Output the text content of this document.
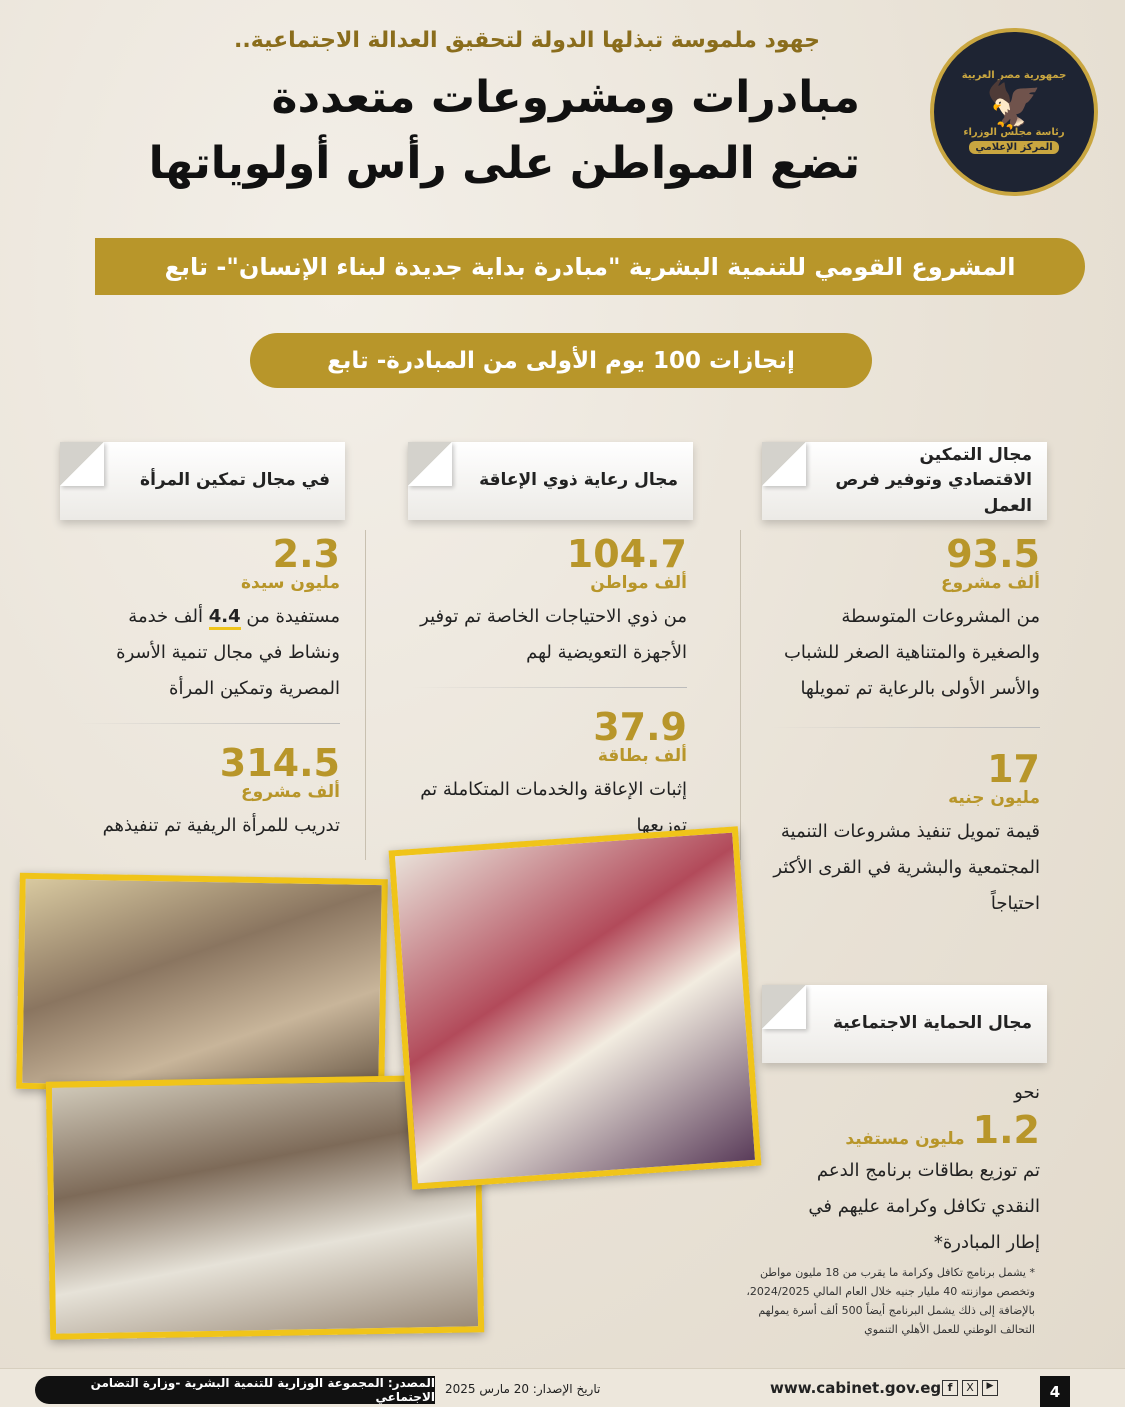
جمهورية مصر العربية
🦅
رئاسة مجلس الوزراء
المركز الإعلامي
جهود ملموسة تبذلها الدولة لتحقيق العدالة الاجتماعية..
مبادرات ومشروعات متعددة
تضع المواطن على رأس أولوياتها
المشروع القومي للتنمية البشرية "مبادرة بداية جديدة لبناء الإنسان"- تابع
إنجازات 100 يوم الأولى من المبادرة- تابع
مجال التمكين الاقتصادي وتوفير فرص العمل
93.5
ألف مشروع
من المشروعات المتوسطة والصغيرة والمتناهية الصغر للشباب والأسر الأولى بالرعاية تم تمويلها
17
مليون جنيه
قيمة تمويل تنفيذ مشروعات التنمية المجتمعية والبشرية في القرى الأكثر احتياجاً
مجال رعاية ذوي الإعاقة
104.7
ألف مواطن
من ذوي الاحتياجات الخاصة تم توفير الأجهزة التعويضية لهم
37.9
ألف بطاقة
إثبات الإعاقة والخدمات المتكاملة تم توزيعها
في مجال تمكين المرأة
2.3
مليون سيدة
مستفيدة من 4.4 ألف خدمة ونشاط في مجال تنمية الأسرة المصرية وتمكين المرأة
314.5
ألف مشروع
تدريب للمرأة الريفية تم تنفيذهم
مجال الحماية الاجتماعية
نحو
1.2
مليون مستفيد
تم توزيع بطاقات برنامج الدعم النقدي تكافل وكرامة عليهم في إطار المبادرة*
* يشمل برنامج تكافل وكرامة ما يقرب من 18 مليون مواطن وتخصص موازنته 40 مليار جنيه خلال العام المالي 2024/2025، بالإضافة إلى ذلك يشمل البرنامج أيضاً 500 ألف أسرة يمولهم التحالف الوطني للعمل الأهلي التنموي
4
f	X	▶
www.cabinet.gov.eg
تاريخ الإصدار: 20 مارس 2025
المصدر: المجموعة الوزارية للتنمية البشرية -وزارة التضامن الاجتماعي
